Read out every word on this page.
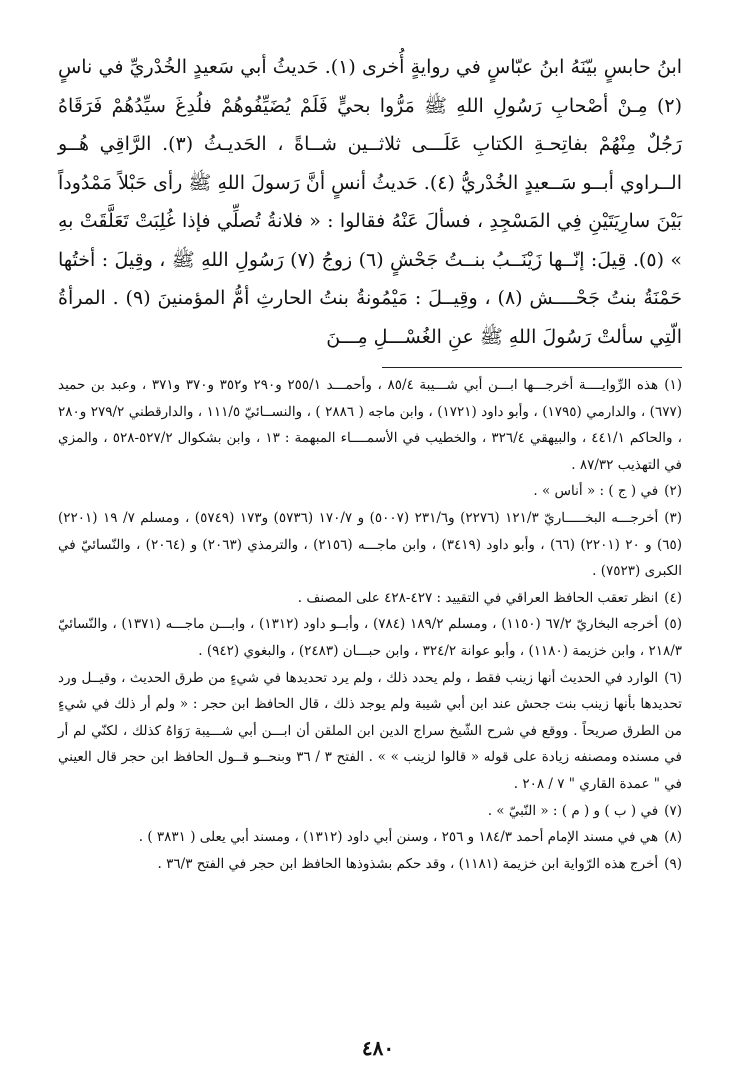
ابنُ حابسٍ بيّنَهُ ابنُ عبّاسٍ في روايةٍ أُخرى (١). حَديثُ أبي سَعيدٍ الخُدْريِّ في ناسٍ (٢) مِـنْ أصْحابِ رَسُولِ اللهِ ﷺ مَرُّوا بحيٍّ فَلَمْ يُضَيِّفُوهُمْ فلُدِغَ سيِّدُهُمْ فَرَقَاهُ رَجُلٌ مِنْهُمْ بفاتِحـةِ الكتابِ عَلَـــى ثلاثــين شــاةً ، الحَديـثُ (٣). الرَّاقِي هُــو الــراوي أبــو سَــعيدٍ الخُدْريُّ (٤). حَديثُ أنسٍ أنَّ رَسولَ اللهِ ﷺ رأى حَبْلاً مَمْدُوداً بَيْنَ سارِيَتَيْنِ فِي المَسْجِدِ ، فسألَ عَنْهُ فقالوا : « فلانةُ تُصلِّي فإذا غُلِبَتْ تَعَلَّقَتْ بهِ » (٥). قِيلَ: إنّــها زَيْنَــبُ بنــتُ جَحْشٍ (٦) زوجُ (٧) رَسُولِ اللهِ ﷺ ، وقِيلَ : أختُها حَمْنَةُ بنتُ جَحْــــش (٨) ، وقِيــلَ : مَيْمُونةُ بنتُ الحارثِ أمُّ المؤمنينَ (٩) . المرأةُ الّتِي سألتْ رَسُولَ اللهِ ﷺ عنِ الغُسْـــلِ مِـــنَ

(١)هذه الرِّوايــــة أخرجـــها ابـــن أبي شـــيبة ٨٥/٤ ، وأحمـــد ٢٥٥/١ و٢٩٠ و٣٥٢ و٣٧٠ و٣٧١ ، وعبد بن حميد (٦٧٧) ، والدارمي (١٧٩٥) ، وأبو داود (١٧٢١) ، وابن ماجه ( ٢٨٨٦ ) ، والنســائيّ ١١١/٥ ، والدارقطني ٢٧٩/٢ و٢٨٠ ، والحاكم ٤٤١/١ ، والبيهقي ٣٢٦/٤ ، والخطيب في الأسمــــاء المبهمة : ١٣ ، وابن بشكوال ٥٢٧/٢-٥٢٨ ، والمزي في التهذيب ٨٧/٣٢ .

(٢)في ( ج ) : « أناس » .

(٣)أخرجـــه البخـــــاريّ ١٢١/٣ (٢٢٧٦) و٢٣١/٦ (٥٠٠٧) و ١٧٠/٧ (٥٧٣٦) و١٧٣ (٥٧٤٩) ، ومسلم ٧/ ١٩ (٢٢٠١) (٦٥) و ٢٠ (٢٢٠١) (٦٦) ، وأبو داود (٣٤١٩) ، وابن ماجـــه (٢١٥٦) ، والترمذي (٢٠٦٣) و (٢٠٦٤) ، والنّسائيّ في الكبرى (٧٥٢٣) .

(٤)انظر تعقب الحافظ العراقي في التقييد : ٤٢٧-٤٢٨ على المصنف .

(٥)أخرجه البخاريّ ٦٧/٢ (١١٥٠) ، ومسلم ١٨٩/٢ (٧٨٤) ، وأبــو داود (١٣١٢) ، وابـــن ماجـــه (١٣٧١) ، والنّسائيّ ٢١٨/٣ ، وابن خزيمة (١١٨٠) ، وأبو عوانة ٣٢٤/٢ ، وابن حبـــان (٢٤٨٣) ، والبغوي (٩٤٢) .

(٦)الوارد في الحديث أنها زينب فقط ، ولم يحدد ذلك ، ولم يرد تحديدها في شيءٍ من طرق الحديث ، وقيــل ورد تحديدها بأنها زينب بنت جحش عند ابن أبي شيبة ولم يوجد ذلك ، قال الحافظ ابن حجر : « ولم أر ذلك في شيءٍ من الطرق صريحاً . ووقع في شرح الشّيخ سراج الدين ابن الملقن أن ابـــن أبي شـــيبة رَوَاهُ كذلك ، لكنّي لم أر في مسنده ومصنفه زيادة على قوله « قالوا لزينب » » . الفتح ٣ / ٣٦ وبنحــو قــول الحافظ ابن حجر قال العيني في " عمدة القاري " ٧ / ٢٠٨ .

(٧)في ( ب ) و ( م ) : « النّبيّ » .

(٨)هي في مسند الإمام أحمد ١٨٤/٣ و ٢٥٦ ، وسنن أبي داود (١٣١٢) ، ومسند أبي يعلى ( ٣٨٣١ ) .

(٩)أخرج هذه الرّواية ابن خزيمة (١١٨١) ، وقد حكم بشذوذها الحافظ ابن حجر في الفتح ٣٦/٣ .

٤٨٠
